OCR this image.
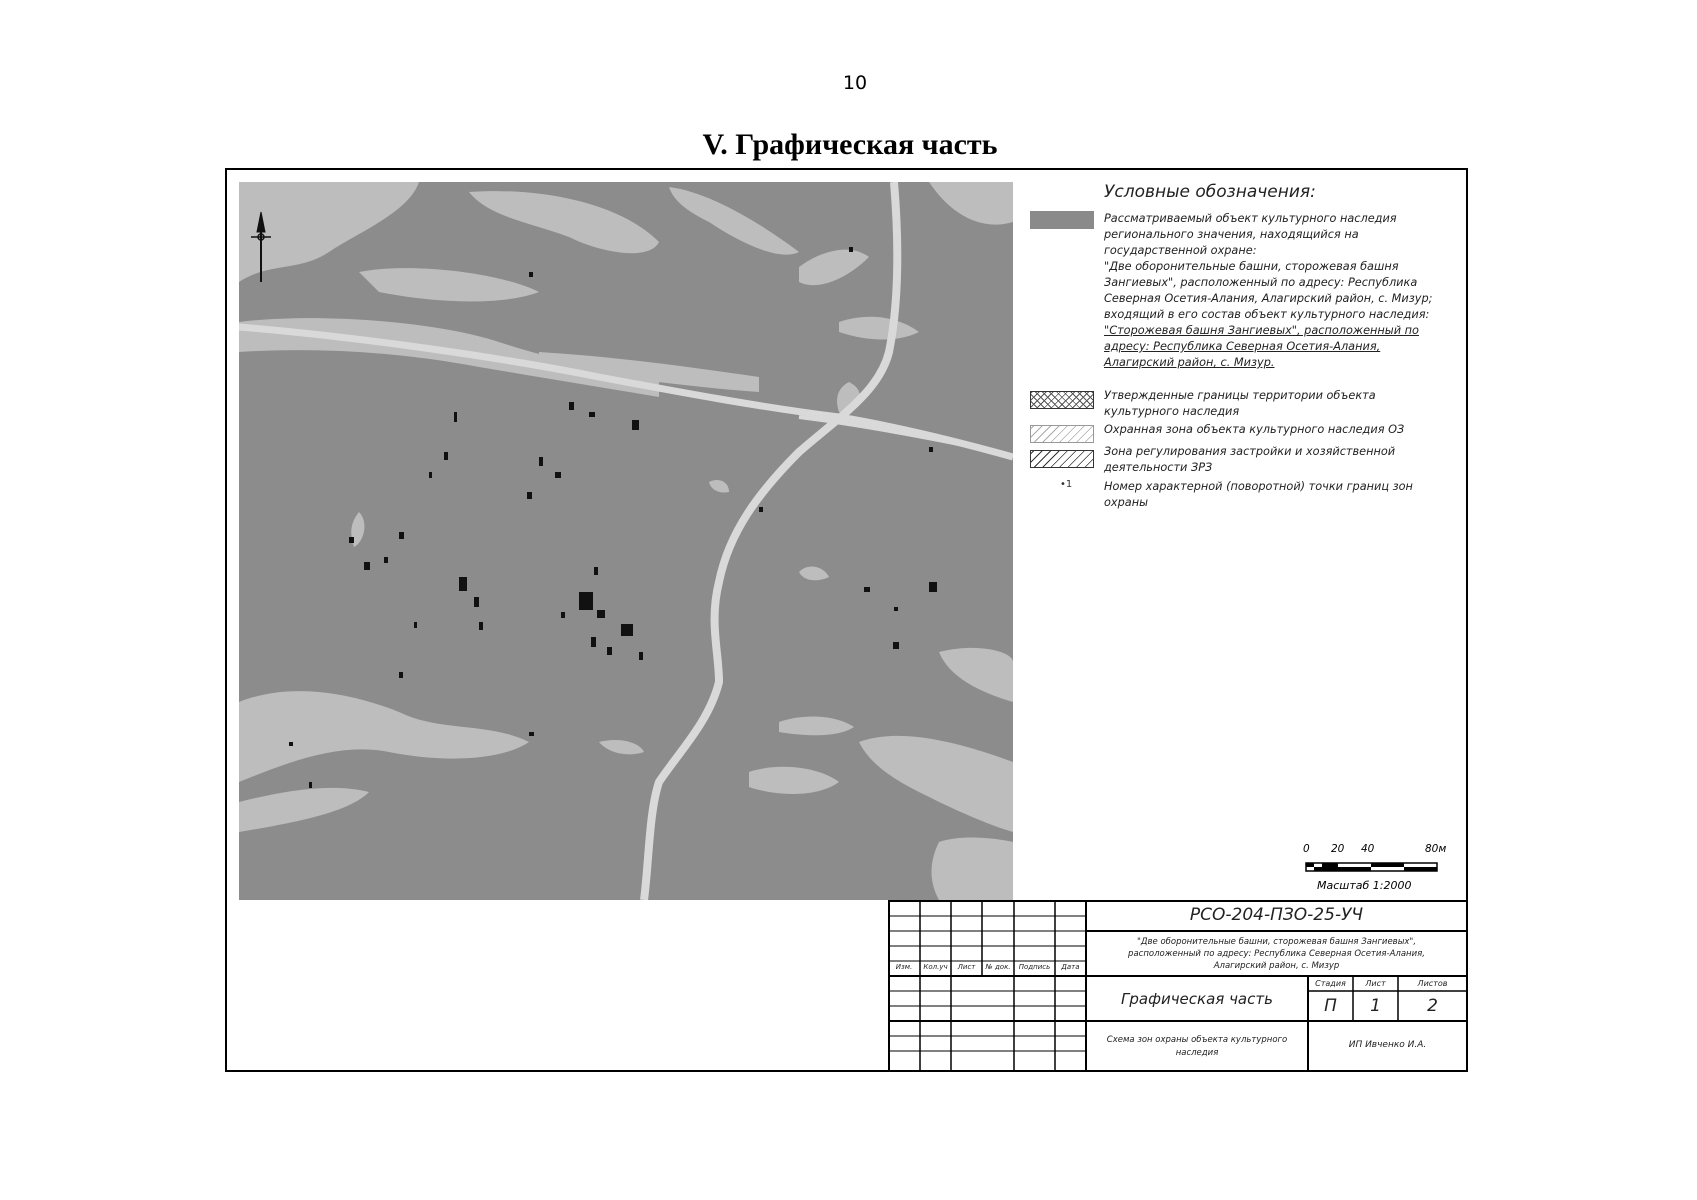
10
V. Графическая часть
Условные обозначения:
Рассматриваемый объект культурного наследия
регионального значения, находящийся на
государственной охране:
"Две оборонительные башни, сторожевая башня
Зангиевых", расположенный по адресу: Республика
Северная Осетия-Алания, Алагирский район, с. Мизур;
входящий в его состав объект культурного наследия:
"Сторожевая башня Зангиевых", расположенный по
адресу: Республика Северная Осетия-Алания,
Алагирский район, с. Мизур.
Утвержденные границы территории объекта
культурного наследия
Охранная зона объекта культурного наследия ОЗ
Зона регулирования застройки и хозяйственной
деятельности ЗРЗ
•1	Номер характерной (поворотной) точки границ зон
охраны
0 20 40	80м
Масштаб 1:2000
Изм.	Кол.уч	Лист	№ док.	Подпись	Дата
РСО-204-ПЗО-25-УЧ
"Две оборонительные башни, сторожевая башня Зангиевых",
расположенный по адресу: Республика Северная Осетия-Алания,
Алагирский район, с. Мизур
Графическая часть
Стадия	Лист	Листов
П	1	2
Схема зон охраны объекта культурного
наследия
ИП Ивченко И.А.
